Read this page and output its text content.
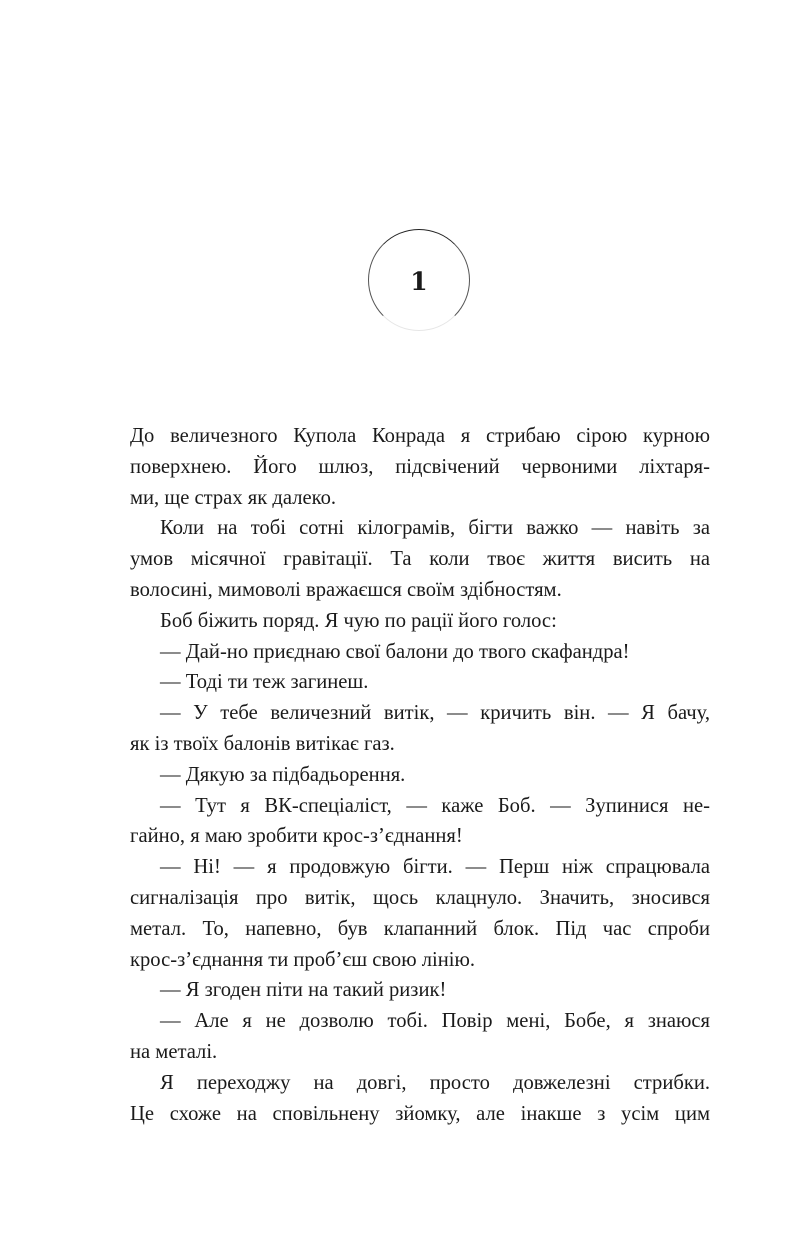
1
До величезного Купола Конрада я стрибаю сірою курною
поверхнею. Його шлюз, підсвічений червоними ліхтаря-
ми, ще страх як далеко.
Коли на тобі сотні кілограмів, бігти важко — навіть за
умов місячної гравітації. Та коли твоє життя висить на
волосині, мимоволі вражаєшся своїм здібностям.
Боб біжить поряд. Я чую по рації його голос:
— Дай-но приєднаю свої балони до твого скафандра!
— Тоді ти теж загинеш.
— У тебе величезний витік, — кричить він. — Я бачу,
як із твоїх балонів витікає газ.
— Дякую за підбадьорення.
— Тут я ВК-спеціаліст, — каже Боб. — Зупинися не-
гайно, я маю зробити крос-з’єднання!
— Ні! — я продовжую бігти. — Перш ніж спрацювала
сигналізація про витік, щось клацнуло. Значить, зносився
метал. То, напевно, був клапанний блок. Під час спроби
крос-з’єднання ти проб’єш свою лінію.
— Я згоден піти на такий ризик!
— Але я не дозволю тобі. Повір мені, Бобе, я знаюся
на металі.
Я переходжу на довгі, просто довжелезні стрибки.
Це схоже на сповільнену зйомку, але інакше з усім цим
